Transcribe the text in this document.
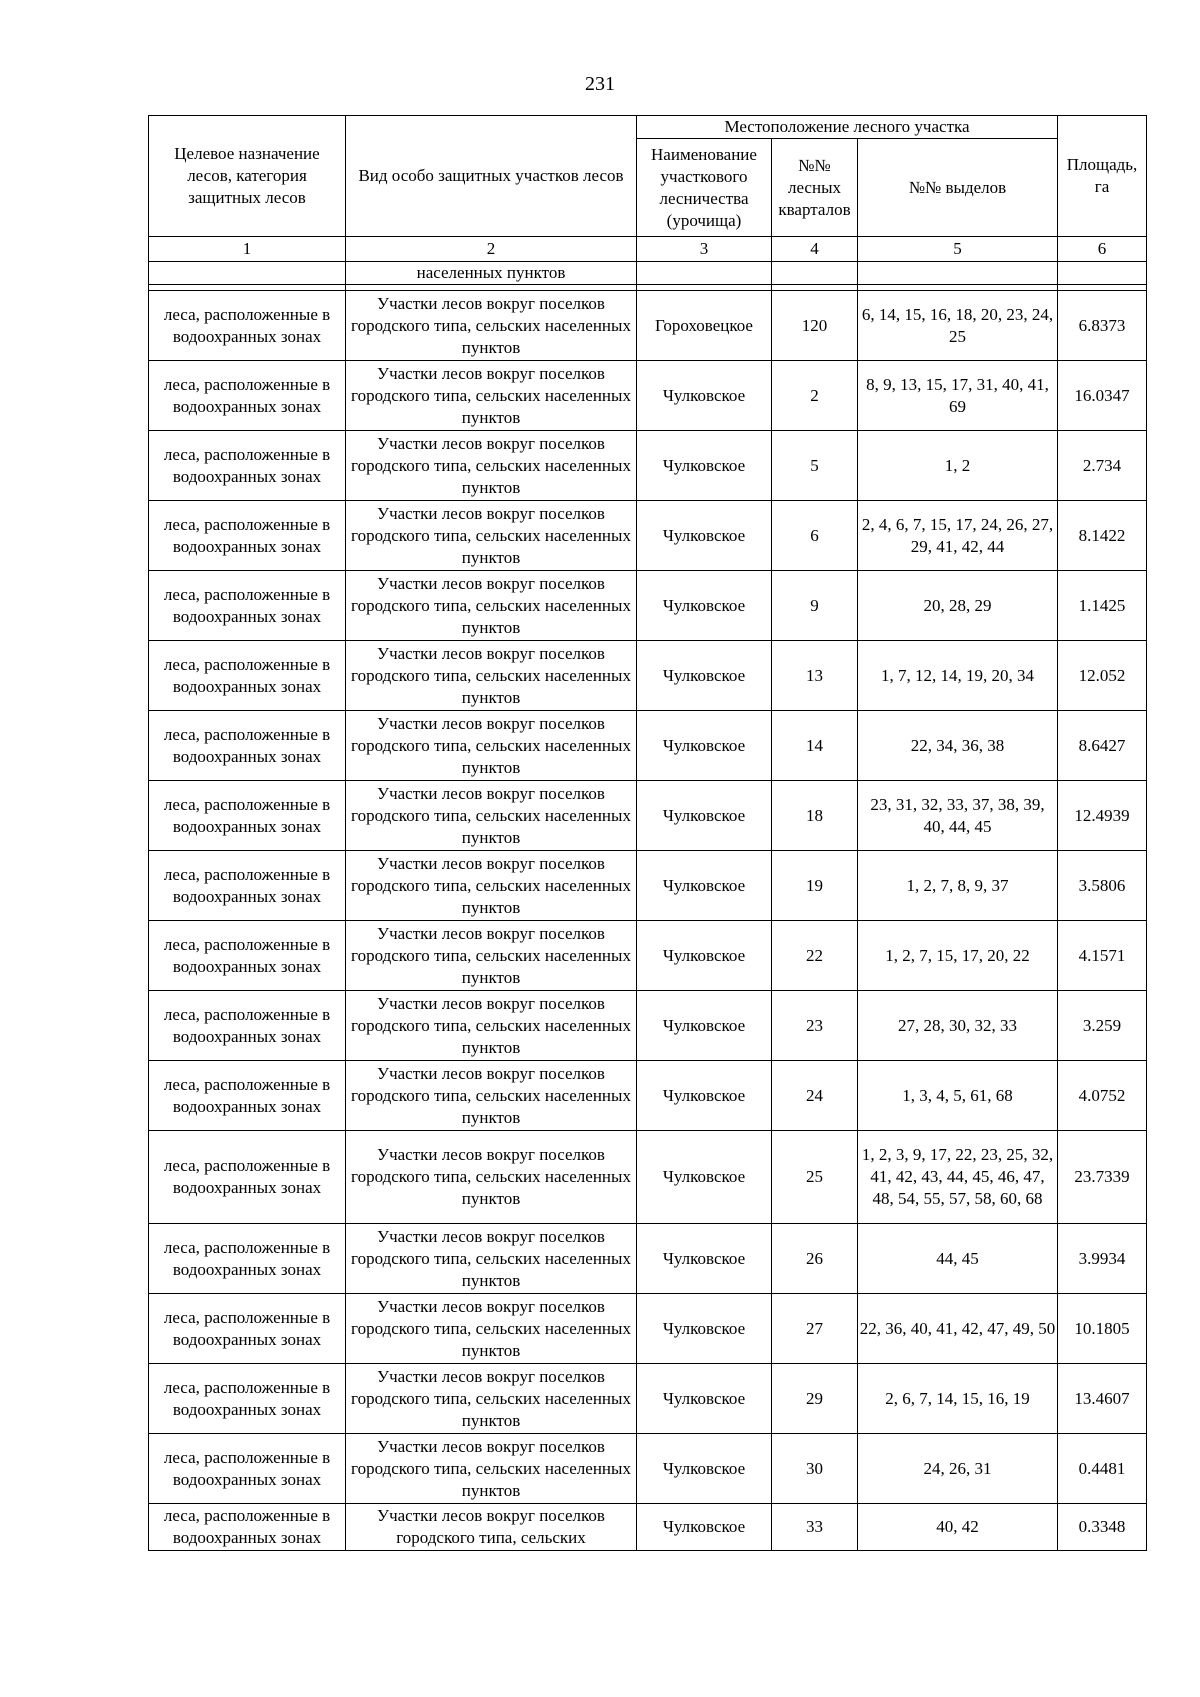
231
Целевое назначение лесов, категория защитных лесов	Вид особо защитных участков лесов	Местоположение лесного участка			Площадь, га
		Наименование участкового лесничества (урочища)	№№ лесных кварталов	№№ выделов	
1	2	3	4	5	6
	населенных пунктов				

леса, расположенные в водоохранных зонах	Участки лесов вокруг поселков городского типа, сельских населенных пунктов	Гороховецкое	120	6, 14, 15, 16, 18, 20, 23, 24, 25	6.8373
леса, расположенные в водоохранных зонах	Участки лесов вокруг поселков городского типа, сельских населенных пунктов	Чулковское	2	8, 9, 13, 15, 17, 31, 40, 41, 69	16.0347
леса, расположенные в водоохранных зонах	Участки лесов вокруг поселков городского типа, сельских населенных пунктов	Чулковское	5	1, 2	2.734
леса, расположенные в водоохранных зонах	Участки лесов вокруг поселков городского типа, сельских населенных пунктов	Чулковское	6	2, 4, 6, 7, 15, 17, 24, 26, 27, 29, 41, 42, 44	8.1422
леса, расположенные в водоохранных зонах	Участки лесов вокруг поселков городского типа, сельских населенных пунктов	Чулковское	9	20, 28, 29	1.1425
леса, расположенные в водоохранных зонах	Участки лесов вокруг поселков городского типа, сельских населенных пунктов	Чулковское	13	1, 7, 12, 14, 19, 20, 34	12.052
леса, расположенные в водоохранных зонах	Участки лесов вокруг поселков городского типа, сельских населенных пунктов	Чулковское	14	22, 34, 36, 38	8.6427
леса, расположенные в водоохранных зонах	Участки лесов вокруг поселков городского типа, сельских населенных пунктов	Чулковское	18	23, 31, 32, 33, 37, 38, 39, 40, 44, 45	12.4939
леса, расположенные в водоохранных зонах	Участки лесов вокруг поселков городского типа, сельских населенных пунктов	Чулковское	19	1, 2, 7, 8, 9, 37	3.5806
леса, расположенные в водоохранных зонах	Участки лесов вокруг поселков городского типа, сельских населенных пунктов	Чулковское	22	1, 2, 7, 15, 17, 20, 22	4.1571
леса, расположенные в водоохранных зонах	Участки лесов вокруг поселков городского типа, сельских населенных пунктов	Чулковское	23	27, 28, 30, 32, 33	3.259
леса, расположенные в водоохранных зонах	Участки лесов вокруг поселков городского типа, сельских населенных пунктов	Чулковское	24	1, 3, 4, 5, 61, 68	4.0752
леса, расположенные в водоохранных зонах	Участки лесов вокруг поселков городского типа, сельских населенных пунктов	Чулковское	25	1, 2, 3, 9, 17, 22, 23, 25, 32, 41, 42, 43, 44, 45, 46, 47, 48, 54, 55, 57, 58, 60, 68	23.7339
леса, расположенные в водоохранных зонах	Участки лесов вокруг поселков городского типа, сельских населенных пунктов	Чулковское	26	44, 45	3.9934
леса, расположенные в водоохранных зонах	Участки лесов вокруг поселков городского типа, сельских населенных пунктов	Чулковское	27	22, 36, 40, 41, 42, 47, 49, 50	10.1805
леса, расположенные в водоохранных зонах	Участки лесов вокруг поселков городского типа, сельских населенных пунктов	Чулковское	29	2, 6, 7, 14, 15, 16, 19	13.4607
леса, расположенные в водоохранных зонах	Участки лесов вокруг поселков городского типа, сельских населенных пунктов	Чулковское	30	24, 26, 31	0.4481
леса, расположенные в водоохранных зонах	Участки лесов вокруг поселков городского типа, сельских	Чулковское	33	40, 42	0.3348
